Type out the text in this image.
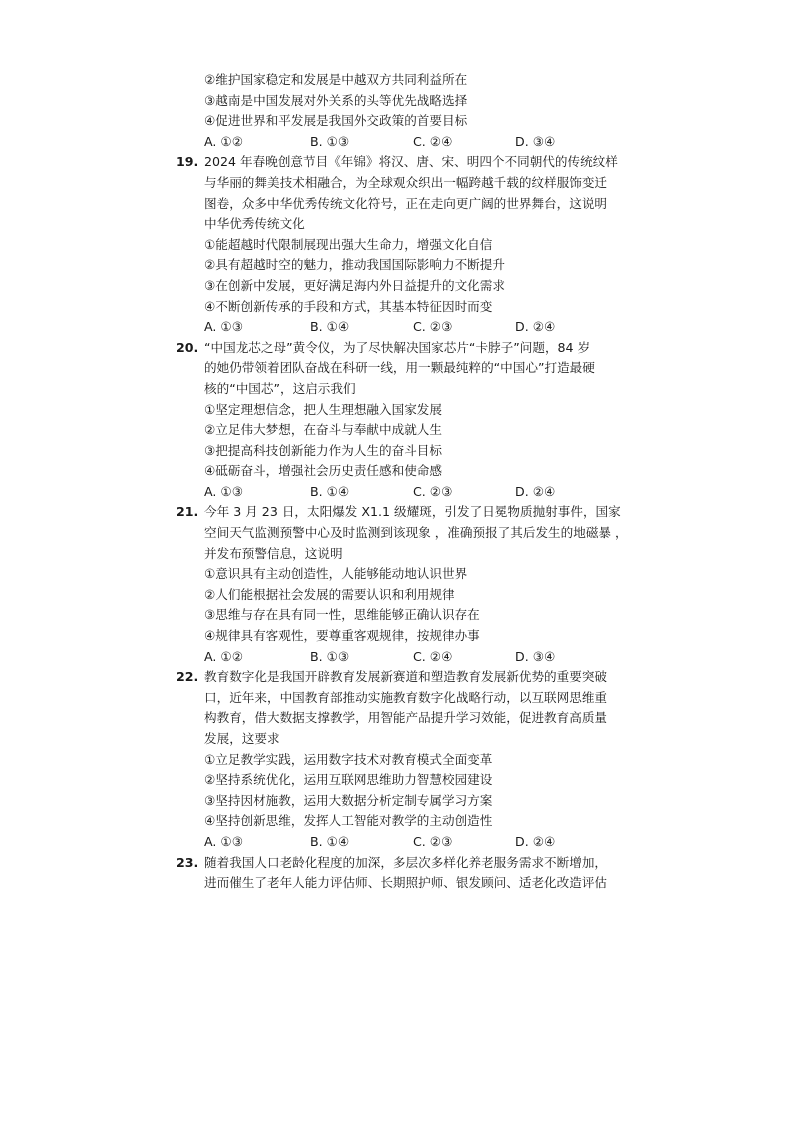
②维护国家稳定和发展是中越双方共同利益所在
③越南是中国发展对外关系的头等优先战略选择
④促进世界和平发展是我国外交政策的首要目标
A. ①②	B. ①③	C. ②④	D. ③④
19. 2024 年春晚创意节目《年锦》将汉、唐、宋、明四个不同朝代的传统纹样
与华丽的舞美技术相融合，为全球观众织出一幅跨越千载的纹样服饰变迁
图卷，众多中华优秀传统文化符号，正在走向更广阔的世界舞台，这说明
中华优秀传统文化
①能超越时代限制展现出强大生命力，增强文化自信
②具有超越时空的魅力，推动我国国际影响力不断提升
③在创新中发展，更好满足海内外日益提升的文化需求
④不断创新传承的手段和方式，其基本特征因时而变
A. ①③	B. ①④	C. ②③	D. ②④
20. “中国龙芯之母”黄令仪，为了尽快解决国家芯片“卡脖子”问题，84 岁
的她仍带领着团队奋战在科研一线，用一颗最纯粹的“中国心”打造最硬
核的“中国芯”，这启示我们
①坚定理想信念，把人生理想融入国家发展
②立足伟大梦想，在奋斗与奉献中成就人生
③把提高科技创新能力作为人生的奋斗目标
④砥砺奋斗，增强社会历史责任感和使命感
A. ①③	B. ①④	C. ②③	D. ②④
21. 今年 3 月 23 日，太阳爆发 X1.1 级耀斑，引发了日冕物质抛射事件，国家
空间天气监测预警中心及时监测到该现象 ，准确预报了其后发生的地磁暴 ，
并发布预警信息，这说明
①意识具有主动创造性，人能够能动地认识世界
②人们能根据社会发展的需要认识和利用规律
③思维与存在具有同一性，思维能够正确认识存在
④规律具有客观性，要尊重客观规律，按规律办事
A. ①②	B. ①③	C. ②④	D. ③④
22. 教育数字化是我国开辟教育发展新赛道和塑造教育发展新优势的重要突破
口，近年来，中国教育部推动实施教育数字化战略行动，以互联网思维重
构教育，借大数据支撑教学，用智能产品提升学习效能，促进教育高质量
发展，这要求
①立足教学实践，运用数字技术对教育模式全面变革
②坚持系统优化，运用互联网思维助力智慧校园建设
③坚持因材施教，运用大数据分析定制专属学习方案
④坚持创新思维，发挥人工智能对教学的主动创造性
A. ①③	B. ①④	C. ②③	D. ②④
23. 随着我国人口老龄化程度的加深，多层次多样化养老服务需求不断增加，
进而催生了老年人能力评估师、长期照护师、银发顾问、适老化改造评估
